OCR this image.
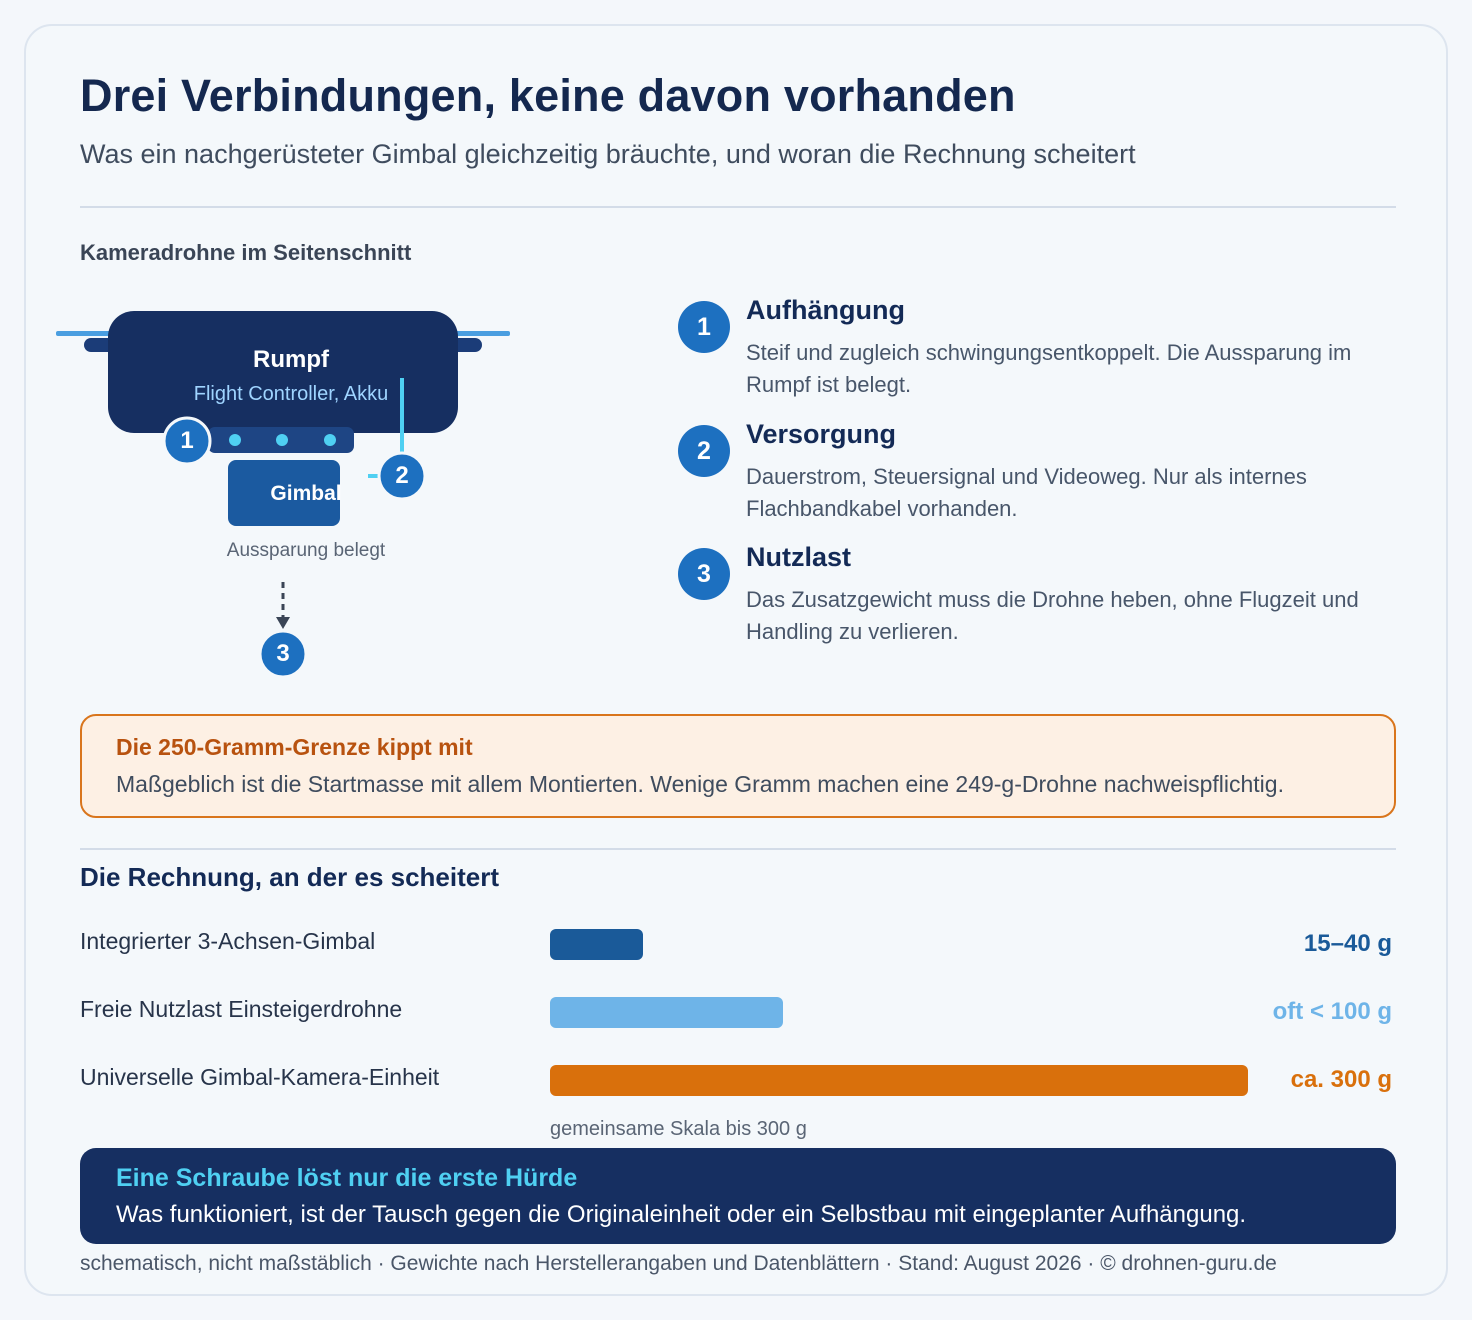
Drei Verbindungen, keine davon vorhanden
Was ein nachgerüsteter Gimbal gleichzeitig bräuchte, und woran die Rechnung scheitert
Kameradrohne im Seitenschnitt
Rumpf
Flight Controller, Akku
Gimbal
Aussparung belegt
1
2
3
1
Aufhängung
Steif und zugleich schwingungsentkoppelt. Die Aussparung im Rumpf ist belegt.
2
Versorgung
Dauerstrom, Steuersignal und Videoweg. Nur als internes Flachbandkabel vorhanden.
3
Nutzlast
Das Zusatzgewicht muss die Drohne heben, ohne Flugzeit und Handling zu verlieren.
Die 250-Gramm-Grenze kippt mit
Maßgeblich ist die Startmasse mit allem Montierten. Wenige Gramm machen eine 249-g-Drohne nachweispflichtig.
Die Rechnung, an der es scheitert
Integrierter 3-Achsen-Gimbal	15–40 g
Freie Nutzlast Einsteigerdrohne	oft < 100 g
Universelle Gimbal-Kamera-Einheit	ca. 300 g
gemeinsame Skala bis 300 g
Eine Schraube löst nur die erste Hürde
Was funktioniert, ist der Tausch gegen die Originaleinheit oder ein Selbstbau mit eingeplanter Aufhängung.
schematisch, nicht maßstäblich · Gewichte nach Herstellerangaben und Datenblättern · Stand: August 2026 · © drohnen-guru.de
